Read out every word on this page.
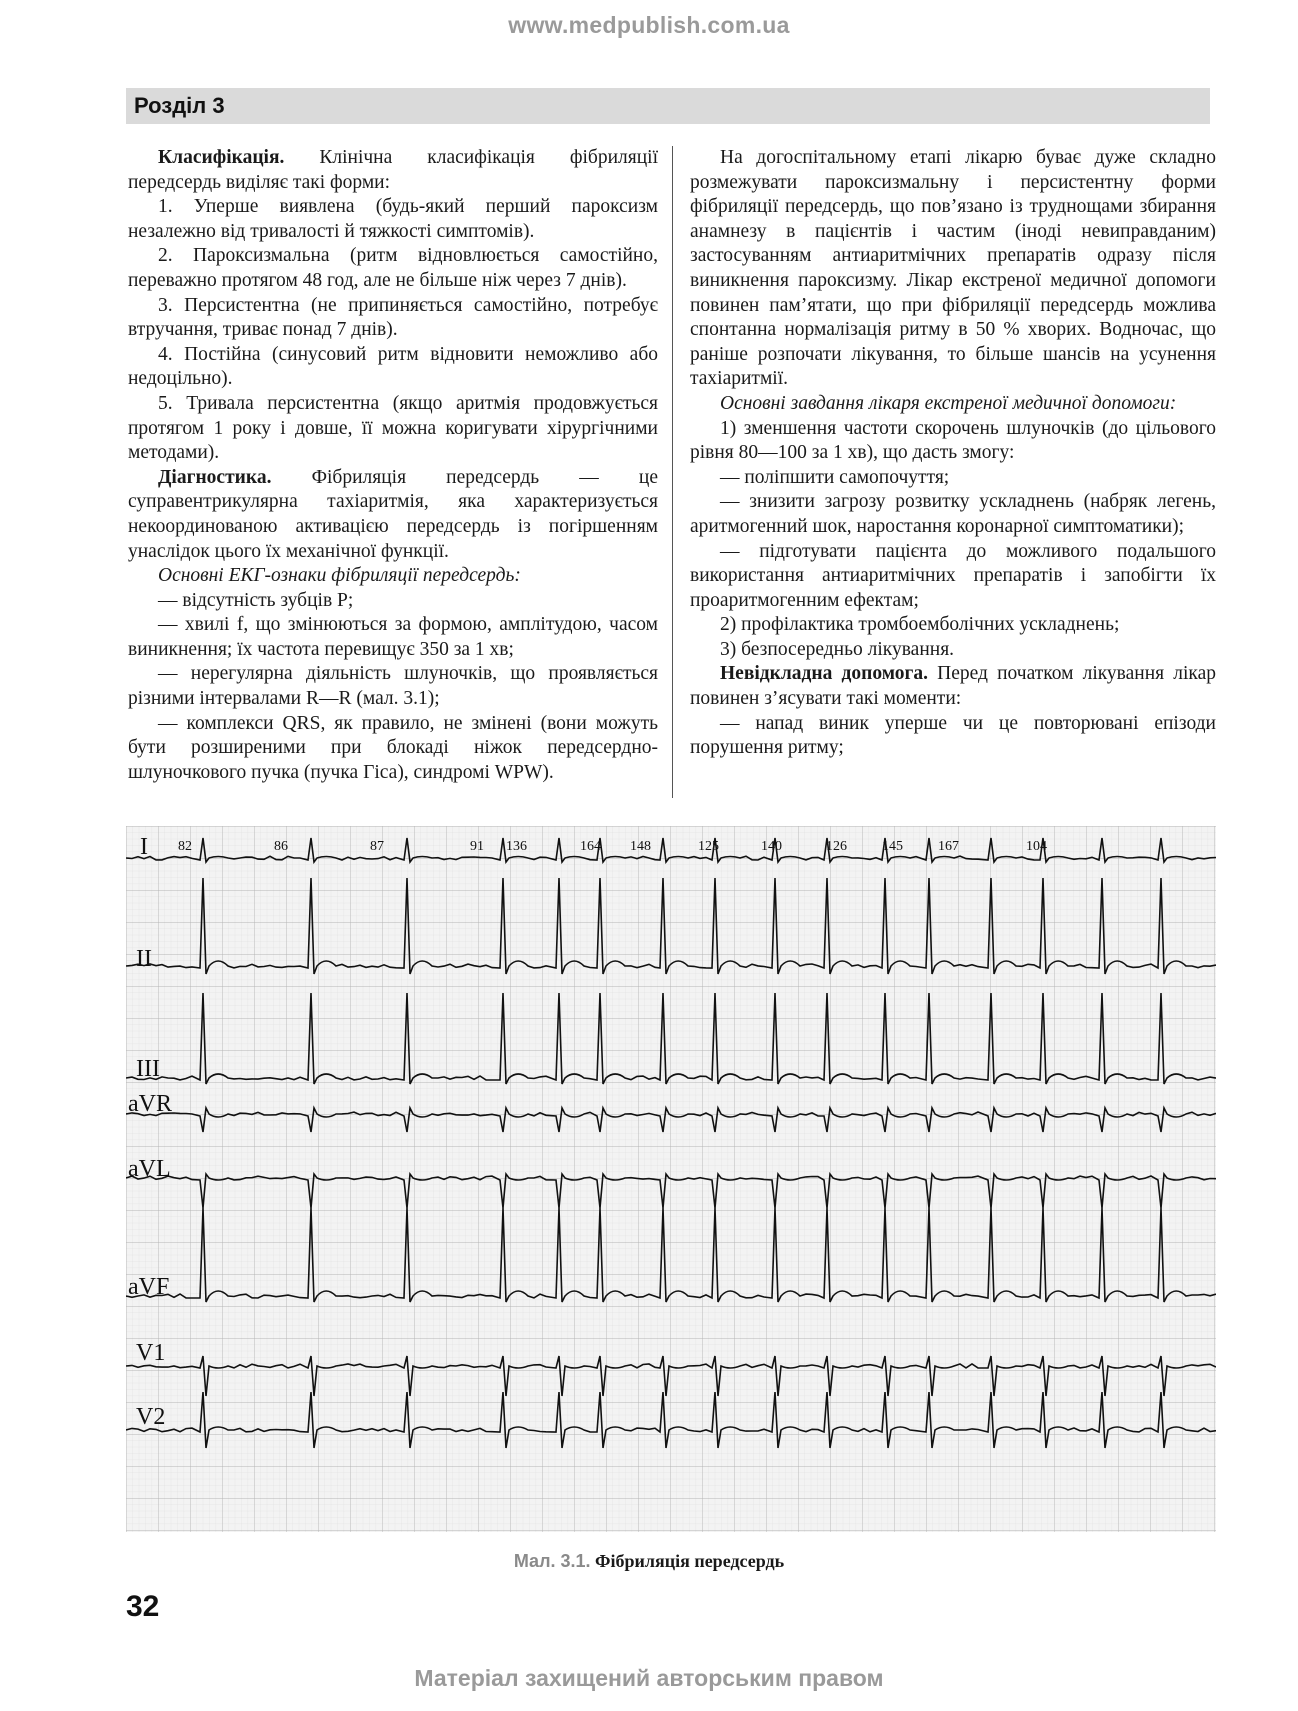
www.medpublish.com.ua
Розділ 3

Класифікація. Клінічна класифікація фібриляції передсердь виділяє такі форми:

1. Уперше виявлена (будь-який перший пароксизм незалежно від тривалості й тяжкості симптомів).

2. Пароксизмальна (ритм відновлюється самостійно, переважно протягом 48 год, але не більше ніж через 7 днів).

3. Персистентна (не припиняється самостійно, потребує втручання, триває понад 7 днів).

4. Постійна (синусовий ритм відновити неможливо або недоцільно).

5. Тривала персистентна (якщо аритмія продовжується протягом 1 року і довше, її можна коригувати хірургічними методами).

Діагностика. Фібриляція передсердь — це суправентрикулярна тахіаритмія, яка характеризується некоординованою активацією передсердь із погіршенням унаслідок цього їх механічної функції.

Основні ЕКГ-ознаки фібриляції передсердь:

— відсутність зубців P;

— хвилі f, що змінюються за формою, амплітудою, часом виникнення; їх частота перевищує 350 за 1 хв;

— нерегулярна діяльність шлуночків, що проявляється різними інтервалами R—R (мал. 3.1);

— комплекси QRS, як правило, не змінені (вони можуть бути розширеними при блокаді ніжок передсердно-шлуночкового пучка (пучка Гіса), синдромі WPW).

На догоспітальному етапі лікарю буває дуже складно розмежувати пароксизмальну і персистентну форми фібриляції передсердь, що пов’язано із труднощами збирання анамнезу в пацієнтів і частим (іноді невиправданим) застосуванням антиаритмічних препаратів одразу після виникнення пароксизму. Лікар екстреної медичної допомоги повинен пам’ятати, що при фібриляції передсердь можлива спонтанна нормалізація ритму в 50 % хворих. Водночас, що раніше розпочати лікування, то більше шансів на усунення тахіаритмії.

Основні завдання лікаря екстреної медичної допомоги:

1) зменшення частоти скорочень шлуночків (до цільового рівня 80—100 за 1 хв), що дасть змогу:

— поліпшити самопочуття;

— знизити загрозу розвитку ускладнень (набряк легень, аритмогенний шок, наростання коронарної симптоматики);

— підготувати пацієнта до можливого подальшого використання антиаритмічних препаратів і запобігти їх проаритмогенним ефектам;

2) профілактика тромбоемболічних ускладнень;

3) безпосередньо лікування.

Невідкладна допомога. Перед початком лікування лікар повинен з’ясувати такі моменти:

— напад виник уперше чи це повторювані епізоди порушення ритму;

I
II
III
aVR
aVL
aVF
V1
V2
82	86	87	91 136	164 148	125	140	126	145	167	104
Мал. 3.1. Фібриляція передсердь
32
Матеріал захищений авторським правом
